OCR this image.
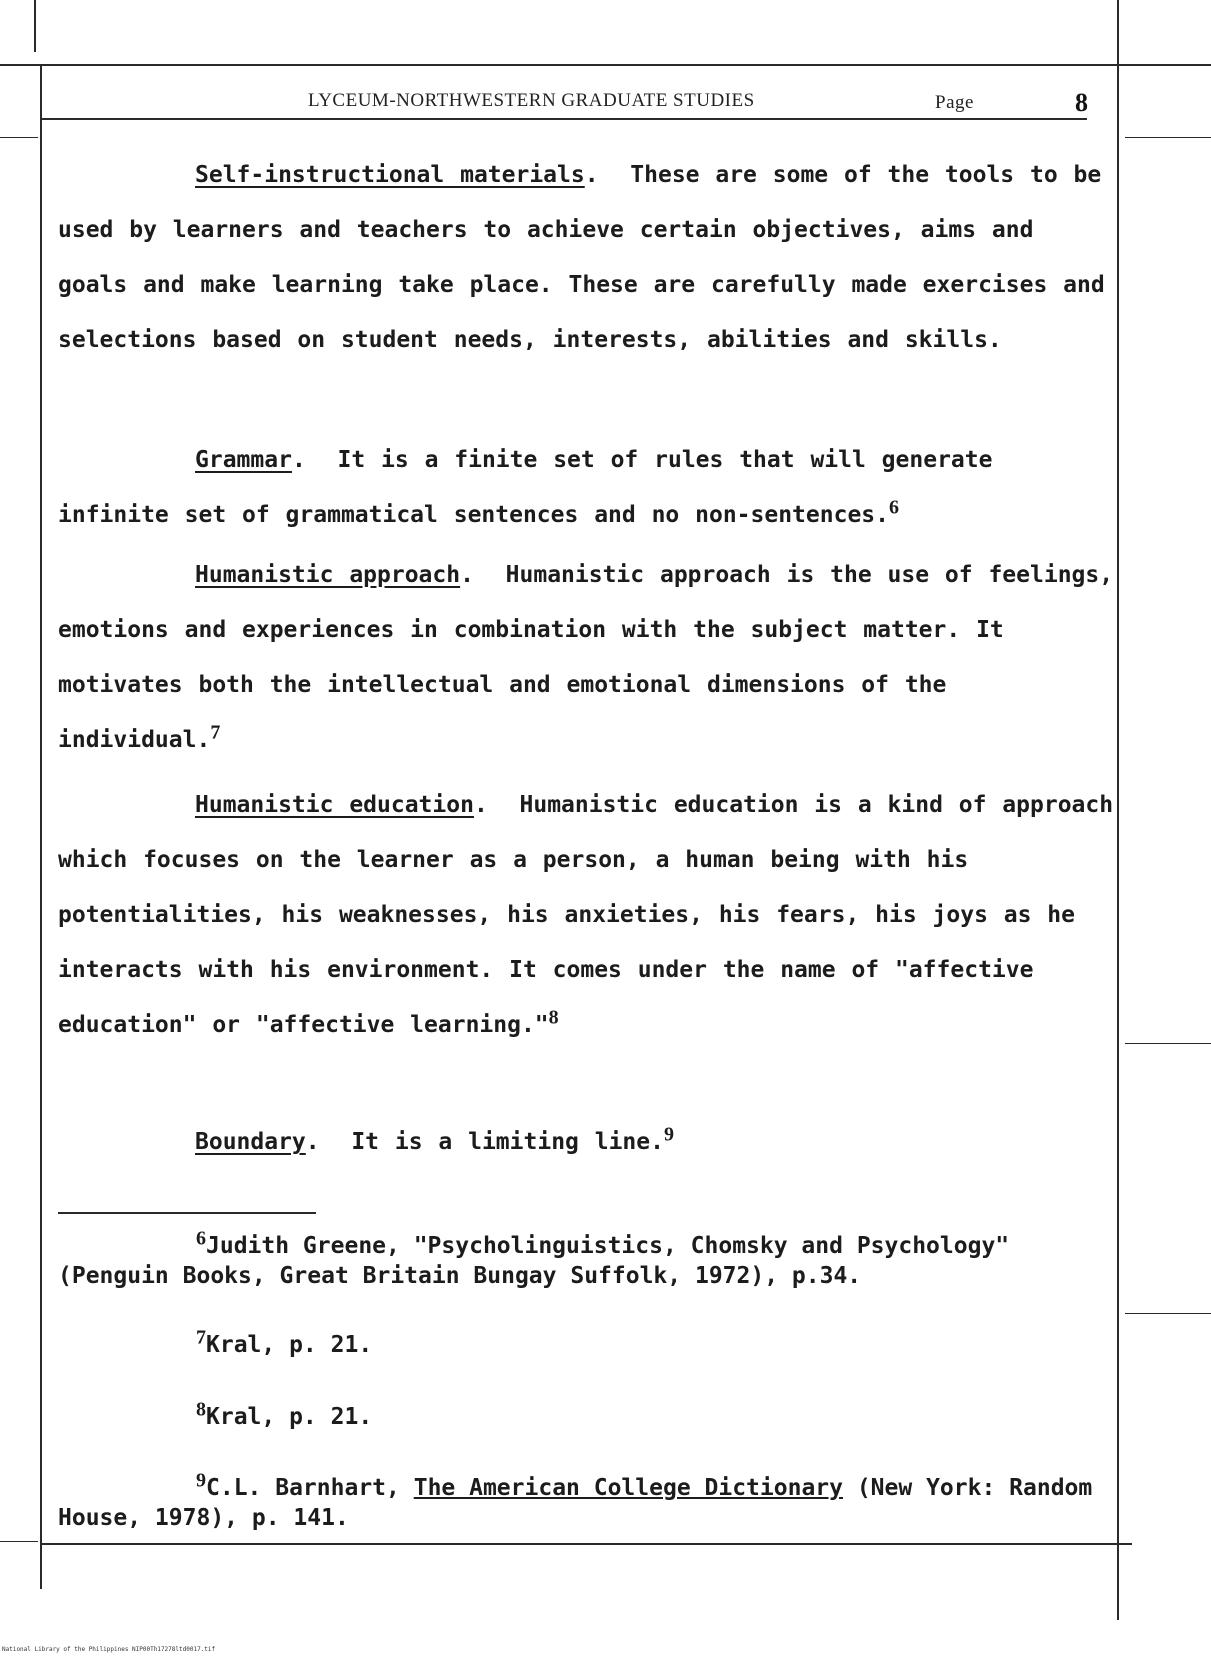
LYCEUM-NORTHWESTERN GRADUATE STUDIES	Page	8

Self-instructional materials.  These are some of the tools to be used by learners and teachers to achieve certain objectives, aims and goals and make learning take place. These are carefully made exercises and selections based on student needs, interests, abilities and skills.

Grammar.  It is a finite set of rules that will generate infinite set of grammatical sentences and no non-sentences.6

Humanistic approach.  Humanistic approach is the use of feelings, emotions and experiences in combination with the subject matter. It motivates both the intellectual and emotional dimensions of the individual.7

Humanistic education.  Humanistic education is a kind of approach which focuses on the learner as a person, a human being with his potentialities, his weaknesses, his anxieties, his fears, his joys as he interacts with his environment. It comes under the name of "affective education" or "affective learning."8

Boundary.  It is a limiting line.9

$^6$Judith Greene, "Psycholinguistics, Chomsky and Psychology" (Penguin Books, Great Britain Bungay Suffolk, 1972), p.34.

$^7$Kral, p. 21.

$^8$Kral, p. 21.

$^9$C.L. Barnhart, The American College Dictionary (New York: Random House, 1978), p. 141.

National Library of the Philippines NIP00Th17278ltd0017.tif
